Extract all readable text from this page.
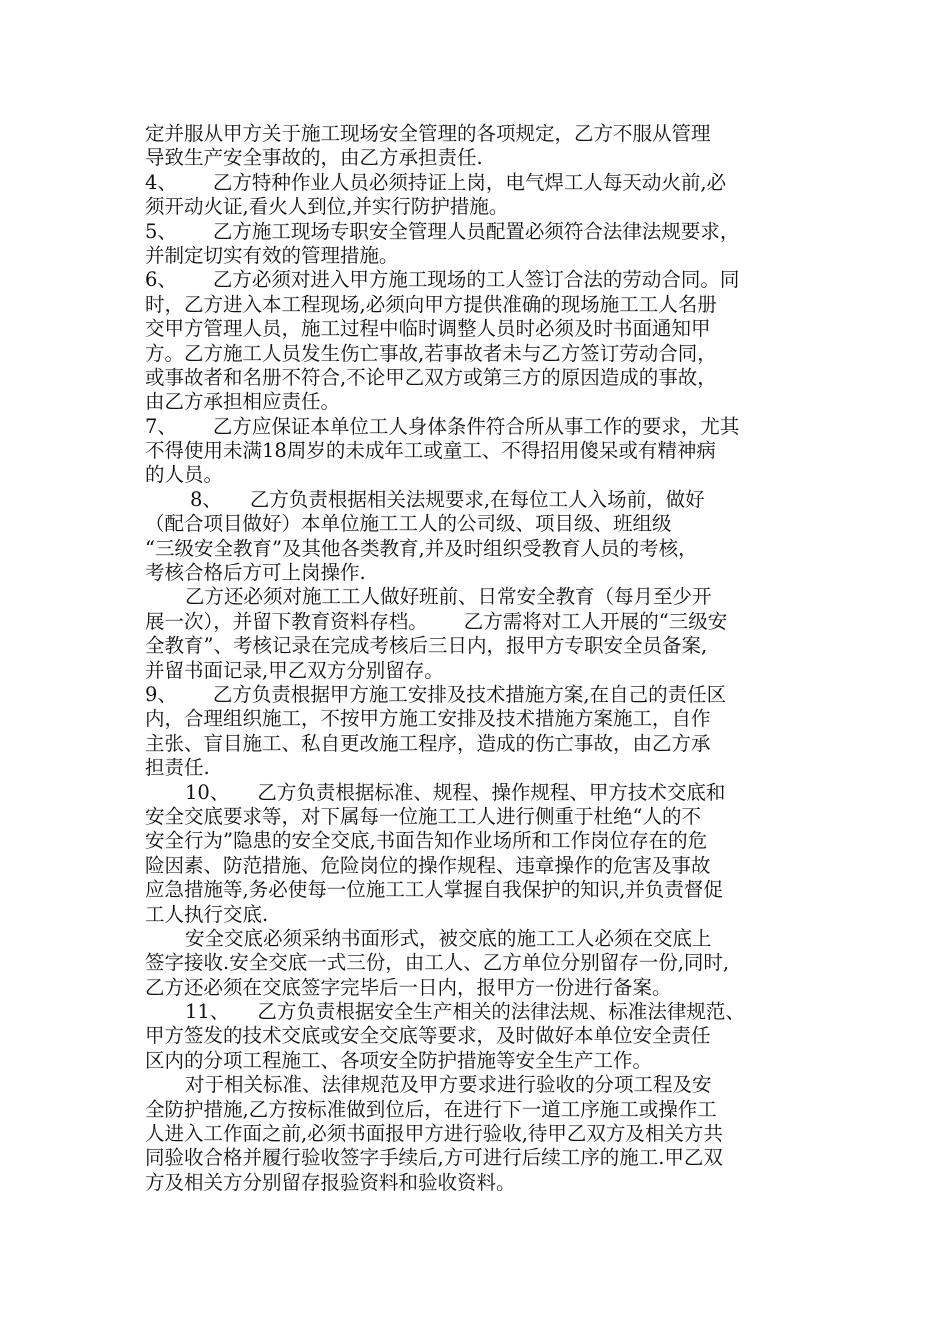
定并服从甲方关于施工现场安全管理的各项规定，乙方不服从管理
导致生产安全事故的，由乙方承担责任.
4、 乙方特种作业人员必须持证上岗，电气焊工人每天动火前,必
须开动火证,看火人到位,并实行防护措施。
5、 乙方施工现场专职安全管理人员配置必须符合法律法规要求，
并制定切实有效的管理措施。
6、 乙方必须对进入甲方施工现场的工人签订合法的劳动合同。同
时，乙方进入本工程现场,必须向甲方提供准确的现场施工工人名册
交甲方管理人员，施工过程中临时调整人员时必须及时书面通知甲
方。乙方施工人员发生伤亡事故,若事故者未与乙方签订劳动合同，
或事故者和名册不符合,不论甲乙双方或第三方的原因造成的事故，
由乙方承担相应责任。
7、 乙方应保证本单位工人身体条件符合所从事工作的要求，尤其
不得使用未满18周岁的未成年工或童工、不得招用傻呆或有精神病
的人员。
8、 乙方负责根据相关法规要求,在每位工人入场前，做好
（配合项目做好）本单位施工工人的公司级、项目级、班组级
“三级安全教育”及其他各类教育,并及时组织受教育人员的考核，
考核合格后方可上岗操作.
乙方还必须对施工工人做好班前、日常安全教育（每月至少开
展一次），并留下教育资料存档。 乙方需将对工人开展的“三级安
全教育”、考核记录在完成考核后三日内，报甲方专职安全员备案,
并留书面记录,甲乙双方分别留存。
9、 乙方负责根据甲方施工安排及技术措施方案,在自己的责任区
内，合理组织施工，不按甲方施工安排及技术措施方案施工，自作
主张、盲目施工、私自更改施工程序，造成的伤亡事故，由乙方承
担责任.
10、 乙方负责根据标准、规程、操作规程、甲方技术交底和
安全交底要求等，对下属每一位施工工人进行侧重于杜绝“人的不
安全行为”隐患的安全交底,书面告知作业场所和工作岗位存在的危
险因素、防范措施、危险岗位的操作规程、违章操作的危害及事故
应急措施等,务必使每一位施工工人掌握自我保护的知识,并负责督促
工人执行交底.
安全交底必须采纳书面形式，被交底的施工工人必须在交底上
签字接收.安全交底一式三份，由工人、乙方单位分别留存一份,同时,
乙方还必须在交底签字完毕后一日内，报甲方一份进行备案。
11、 乙方负责根据安全生产相关的法律法规、标准法律规范、
甲方签发的技术交底或安全交底等要求，及时做好本单位安全责任
区内的分项工程施工、各项安全防护措施等安全生产工作。
对于相关标准、法律规范及甲方要求进行验收的分项工程及安
全防护措施,乙方按标准做到位后，在进行下一道工序施工或操作工
人进入工作面之前,必须书面报甲方进行验收,待甲乙双方及相关方共
同验收合格并履行验收签字手续后,方可进行后续工序的施工.甲乙双
方及相关方分别留存报验资料和验收资料。
